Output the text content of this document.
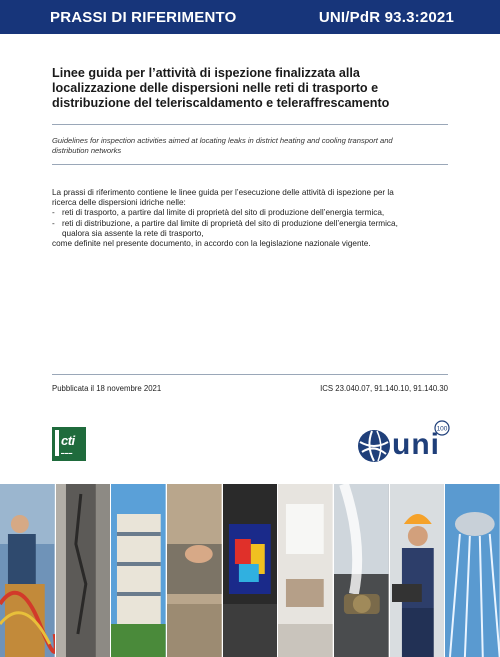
PRASSI DI RIFERIMENTO	UNI/PdR 93.3:2021
Linee guida per l’attività di ispezione finalizzata alla
localizzazione delle dispersioni nelle reti di trasporto e
distribuzione del teleriscaldamento e teleraffrescamento
Guidelines for inspection activities aimed at locating leaks in district heating and cooling transport and
distribution networks
La prassi di riferimento contiene le linee guida per l’esecuzione delle attività di ispezione per la
ricerca delle dispersioni idriche nelle:
- reti di trasporto, a partire dal limite di proprietà del sito di produzione dell’energia termica,
- reti di distribuzione, a partire dal limite di proprietà del sito di produzione dell’energia termica,
qualora sia assente la rete di trasporto,
come definite nel presente documento, in accordo con la legislazione nazionale vigente.
Pubblicata il 18 novembre 2021	ICS 23.040.07, 91.140.10, 91.140.30
cti
▬▬▬
100
uni
